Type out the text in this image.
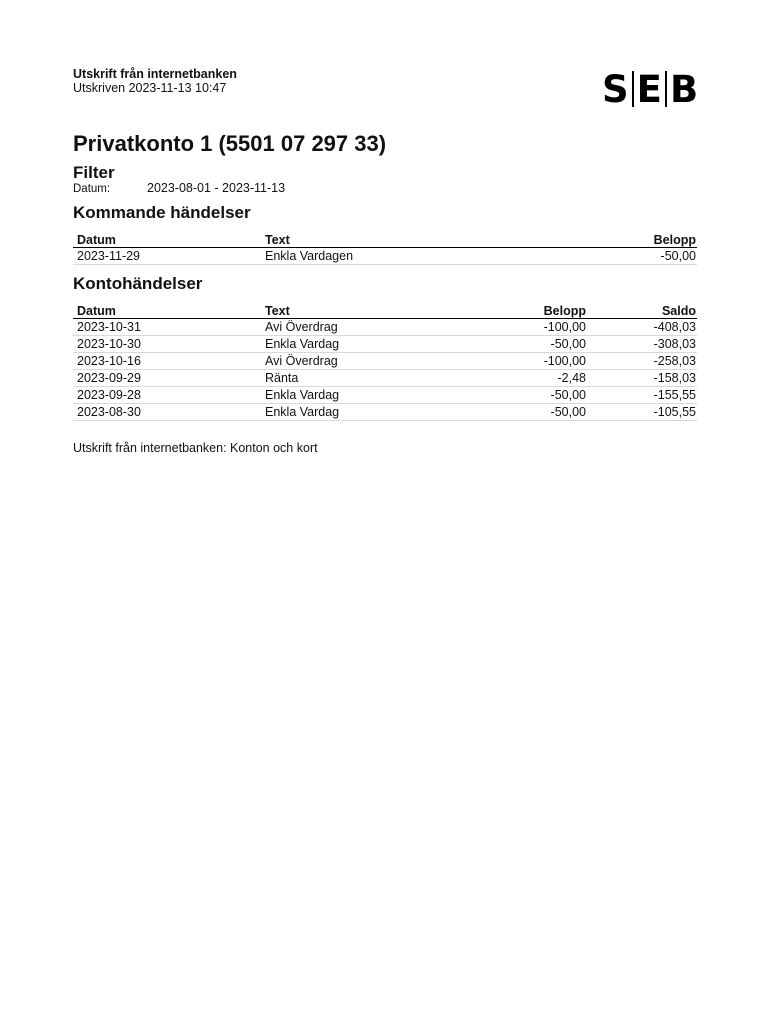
Utskrift från internetbanken
Utskriven 2023-11-13 10:47	S E B
Privatkonto 1 (5501 07 297 33)
Filter
Datum:	2023-08-01 - 2023-11-13
Kommande händelser
Datum	Text	Belopp
2023-11-29	Enkla Vardagen	-50,00
Kontohändelser
Datum	Text	Belopp	Saldo
2023-10-31	Avi Överdrag	-100,00	-408,03
2023-10-30	Enkla Vardag	-50,00	-308,03
2023-10-16	Avi Överdrag	-100,00	-258,03
2023-09-29	Ränta	-2,48	-158,03
2023-09-28	Enkla Vardag	-50,00	-155,55
2023-08-30	Enkla Vardag	-50,00	-105,55
Utskrift från internetbanken: Konton och kort
